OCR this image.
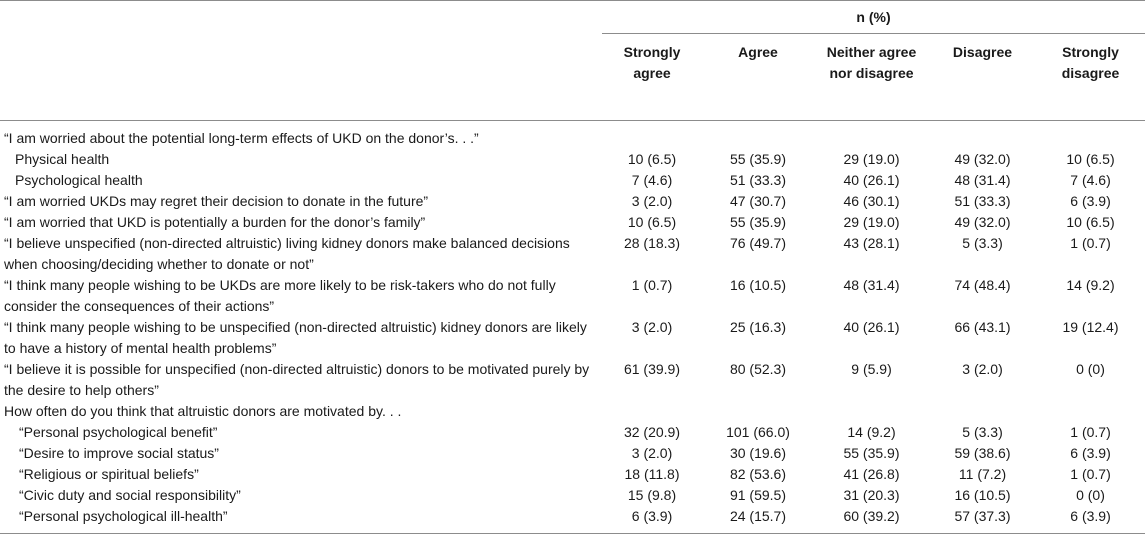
	n (%)				
	Strongly agree	Agree	Neither agree nor disagree	Disagree	Strongly disagree
“I am worried about the potential long-term effects of UKD on the donor’s. . .”					
Physical health	10 (6.5)	55 (35.9)	29 (19.0)	49 (32.0)	10 (6.5)
Psychological health	7 (4.6)	51 (33.3)	40 (26.1)	48 (31.4)	7 (4.6)
“I am worried UKDs may regret their decision to donate in the future”	3 (2.0)	47 (30.7)	46 (30.1)	51 (33.3)	6 (3.9)
“I am worried that UKD is potentially a burden for the donor’s family”	10 (6.5)	55 (35.9)	29 (19.0)	49 (32.0)	10 (6.5)
“I believe unspecified (non-directed altruistic) living kidney donors make balanced decisions when choosing/deciding whether to donate or not”	28 (18.3)	76 (49.7)	43 (28.1)	5 (3.3)	1 (0.7)
“I think many people wishing to be UKDs are more likely to be risk-takers who do not fully consider the consequences of their actions”	1 (0.7)	16 (10.5)	48 (31.4)	74 (48.4)	14 (9.2)
“I think many people wishing to be unspecified (non-directed altruistic) kidney donors are likely to have a history of mental health problems”	3 (2.0)	25 (16.3)	40 (26.1)	66 (43.1)	19 (12.4)
“I believe it is possible for unspecified (non-directed altruistic) donors to be motivated purely by the desire to help others”	61 (39.9)	80 (52.3)	9 (5.9)	3 (2.0)	0 (0)
How often do you think that altruistic donors are motivated by. . .					
“Personal psychological benefit”	32 (20.9)	101 (66.0)	14 (9.2)	5 (3.3)	1 (0.7)
“Desire to improve social status”	3 (2.0)	30 (19.6)	55 (35.9)	59 (38.6)	6 (3.9)
“Religious or spiritual beliefs”	18 (11.8)	82 (53.6)	41 (26.8)	11 (7.2)	1 (0.7)
“Civic duty and social responsibility”	15 (9.8)	91 (59.5)	31 (20.3)	16 (10.5)	0 (0)
“Personal psychological ill-health”	6 (3.9)	24 (15.7)	60 (39.2)	57 (37.3)	6 (3.9)
